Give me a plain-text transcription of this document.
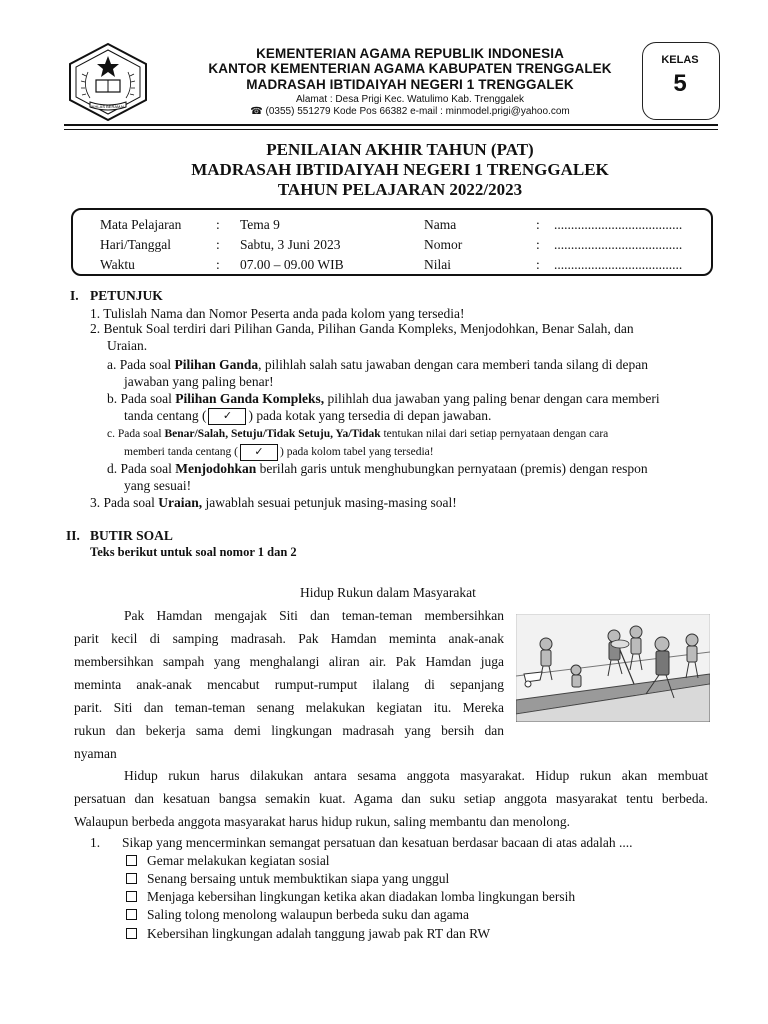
IKHLAS BERAMAL
KEMENTERIAN AGAMA REPUBLIK INDONESIA
KANTOR KEMENTERIAN AGAMA KABUPATEN TRENGGALEK
MADRASAH IBTIDAIYAH NEGERI 1 TRENGGALEK
Alamat : Desa Prigi Kec. Watulimo Kab. Trenggalek
☎ (0355) 551279 Kode Pos 66382 e-mail : minmodel.prigi@yahoo.com
KELAS
5
PENILAIAN AKHIR TAHUN (PAT)
MADRASAH IBTIDAIYAH NEGERI 1 TRENGGALEK
TAHUN PELAJARAN 2022/2023
Mata Pelajaran	: Tema 9	Nama	: ......................................
Hari/Tanggal	: Sabtu, 3 Juni 2023	Nomor	: ......................................
Waktu	: 07.00 – 09.00 WIB	Nilai	: ......................................
I. PETUNJUK
1. Tulislah Nama dan Nomor Peserta anda pada kolom yang tersedia!
2. Bentuk Soal terdiri dari Pilihan Ganda, Pilihan Ganda Kompleks, Menjodohkan, Benar Salah, dan
Uraian.
a. Pada soal Pilihan Ganda, pilihlah salah satu jawaban dengan cara memberi tanda silang di depan
jawaban yang paling benar!
b. Pada soal Pilihan Ganda Kompleks, pilihlah dua jawaban yang paling benar dengan cara memberi
tanda centang ( ✓ ) pada kotak yang tersedia di depan jawaban.
c. Pada soal Benar/Salah, Setuju/Tidak Setuju, Ya/Tidak tentukan nilai dari setiap pernyataan dengan cara
memberi tanda centang ( ✓ ) pada kolom tabel yang tersedia!
d. Pada soal Menjodohkan berilah garis untuk menghubungkan pernyataan (premis) dengan respon
yang sesuai!
3. Pada soal Uraian, jawablah sesuai petunjuk masing-masing soal!
II. BUTIR SOAL
Teks berikut untuk soal nomor 1 dan 2
Hidup Rukun dalam Masyarakat
Pak Hamdan mengajak Siti dan teman-teman membersihkan
parit kecil di samping madrasah. Pak Hamdan meminta anak-anak
membersihkan sampah yang menghalangi aliran air. Pak Hamdan juga
meminta anak-anak mencabut rumput-rumput ilalang di sepanjang
parit. Siti dan teman-teman senang melakukan kegiatan itu. Mereka
rukun dan bekerja sama demi lingkungan madrasah yang bersih dan
nyaman
Hidup rukun harus dilakukan antara sesama anggota masyarakat. Hidup rukun akan membuat
persatuan dan kesatuan bangsa semakin kuat. Agama dan suku setiap anggota masyarakat tentu berbeda.
Walaupun berbeda anggota masyarakat harus hidup rukun, saling membantu dan menolong.
1. Sikap yang mencerminkan semangat persatuan dan kesatuan berdasar bacaan di atas adalah ....
Gemar melakukan kegiatan sosial
Senang bersaing untuk membuktikan siapa yang unggul
Menjaga kebersihan lingkungan ketika akan diadakan lomba lingkungan bersih
Saling tolong menolong walaupun berbeda suku dan agama
Kebersihan lingkungan adalah tanggung jawab pak RT dan RW
